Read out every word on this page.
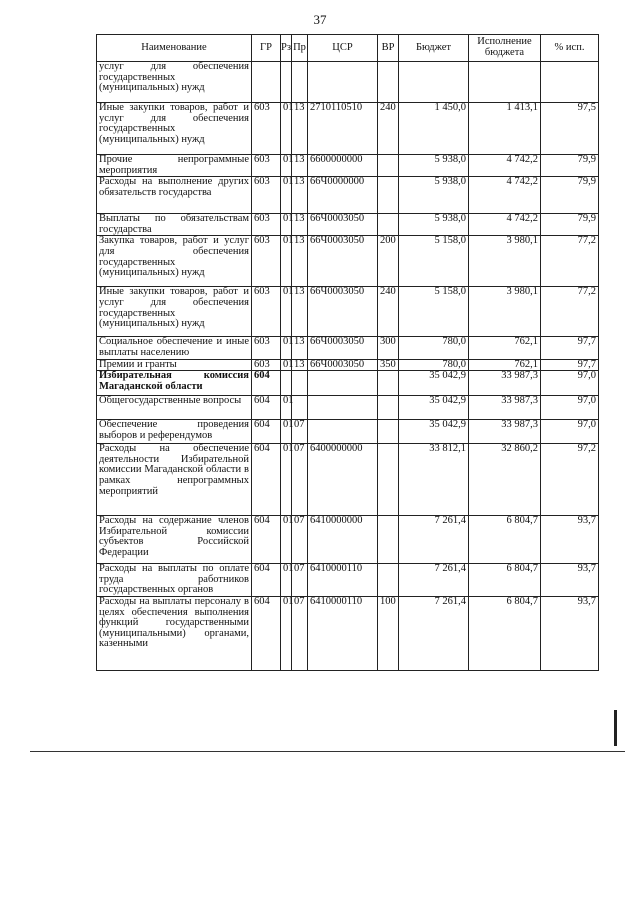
37
Наименование	ГР	Рз	Пр	ЦСР	ВР	Бюджет	Исполнение бюджета	% исп.
услуг для обеспечения государственных (муниципальных) нужд								
Иные закупки товаров, работ и услуг для обеспечения государственных (муниципальных) нужд	603	01	13	2710110510	240	1 450,0	1 413,1	97,5
Прочие непрограммные мероприятия	603	01	13	6600000000		5 938,0	4 742,2	79,9
Расходы на выполнение других обязательств государства	603	01	13	66Ч0000000		5 938,0	4 742,2	79,9
Выплаты по обязательствам государства	603	01	13	66Ч0003050		5 938,0	4 742,2	79,9
Закупка товаров, работ и услуг для обеспечения государственных (муниципальных) нужд	603	01	13	66Ч0003050	200	5 158,0	3 980,1	77,2
Иные закупки товаров, работ и услуг для обеспечения государственных (муниципальных) нужд	603	01	13	66Ч0003050	240	5 158,0	3 980,1	77,2
Социальное обеспечение и иные выплаты населению	603	01	13	66Ч0003050	300	780,0	762,1	97,7
Премии и гранты	603	01	13	66Ч0003050	350	780,0	762,1	97,7
Избирательная комиссия Магаданской области	604					35 042,9	33 987,3	97,0
Общегосударственные вопросы	604	01				35 042,9	33 987,3	97,0
Обеспечение проведения выборов и референдумов	604	01	07			35 042,9	33 987,3	97,0
Расходы на обеспечение деятельности Избирательной комиссии Магаданской области в рамках непрограммных мероприятий	604	01	07	6400000000		33 812,1	32 860,2	97,2
Расходы на содержание членов Избирательной комиссии субъектов Российской Федерации	604	01	07	6410000000		7 261,4	6 804,7	93,7
Расходы на выплаты по оплате труда работников государственных органов	604	01	07	6410000110		7 261,4	6 804,7	93,7
Расходы на выплаты персоналу в целях обеспечения выполнения функций государственными (муниципальными) органами, казенными	604	01	07	6410000110	100	7 261,4	6 804,7	93,7
